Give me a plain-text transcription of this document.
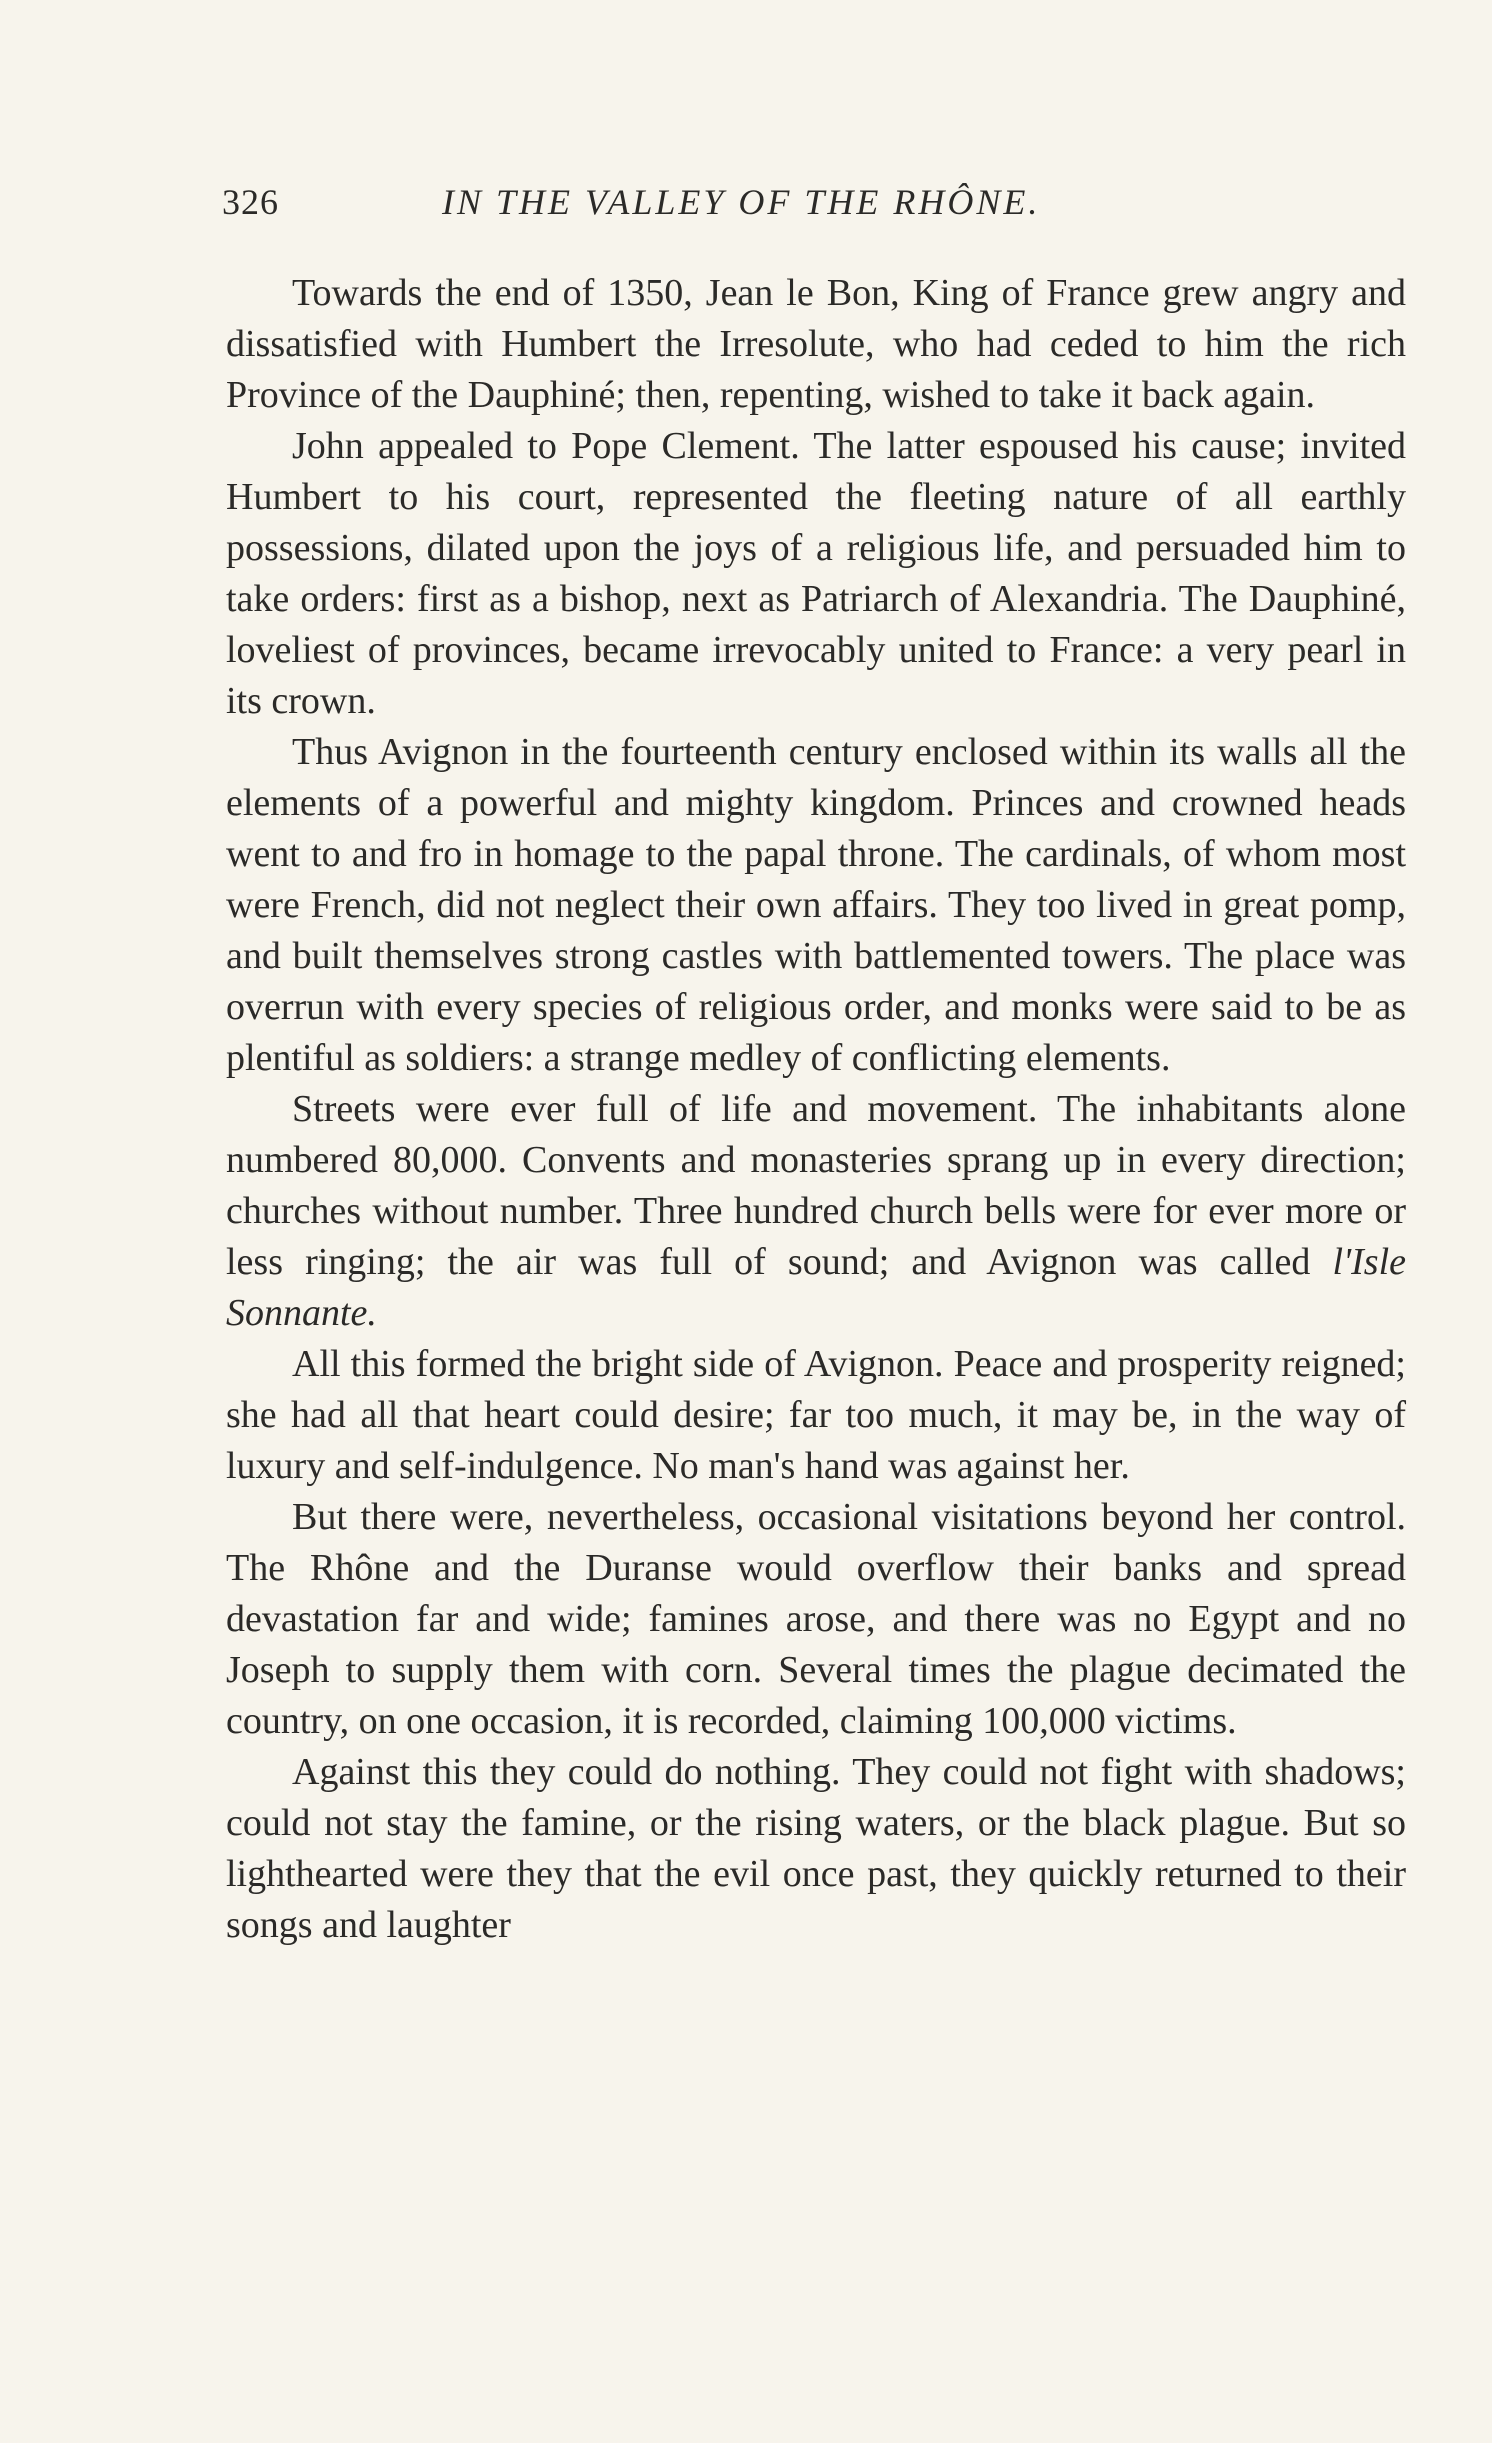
326	IN THE VALLEY OF THE RHÔNE.

Towards the end of 1350, Jean le Bon, King of France grew angry and dissatisfied with Humbert the Irresolute, who had ceded to him the rich Province of the Dauphiné; then, repenting, wished to take it back again.

John appealed to Pope Clement. The latter espoused his cause; invited Humbert to his court, represented the fleeting nature of all earthly possessions, dilated upon the joys of a religious life, and persuaded him to take orders: first as a bishop, next as Patriarch of Alexandria. The Dauphiné, loveliest of provinces, became irrevocably united to France: a very pearl in its crown.

Thus Avignon in the fourteenth century enclosed within its walls all the elements of a powerful and mighty kingdom. Princes and crowned heads went to and fro in homage to the papal throne. The cardinals, of whom most were French, did not neglect their own affairs. They too lived in great pomp, and built themselves strong castles with battlemented towers. The place was overrun with every species of religious order, and monks were said to be as plentiful as soldiers: a strange medley of conflicting elements.

Streets were ever full of life and movement. The inhabitants alone numbered 80,000. Convents and monasteries sprang up in every direction; churches without number. Three hundred church bells were for ever more or less ringing; the air was full of sound; and Avignon was called l'Isle Sonnante.

All this formed the bright side of Avignon. Peace and prosperity reigned; she had all that heart could desire; far too much, it may be, in the way of luxury and self-indulgence. No man's hand was against her.

But there were, nevertheless, occasional visitations beyond her control. The Rhône and the Duranse would overflow their banks and spread devastation far and wide; famines arose, and there was no Egypt and no Joseph to supply them with corn. Several times the plague decimated the country, on one occasion, it is recorded, claiming 100,000 victims.

Against this they could do nothing. They could not fight with shadows; could not stay the famine, or the rising waters, or the black plague. But so lighthearted were they that the evil once past, they quickly returned to their songs and laughter
